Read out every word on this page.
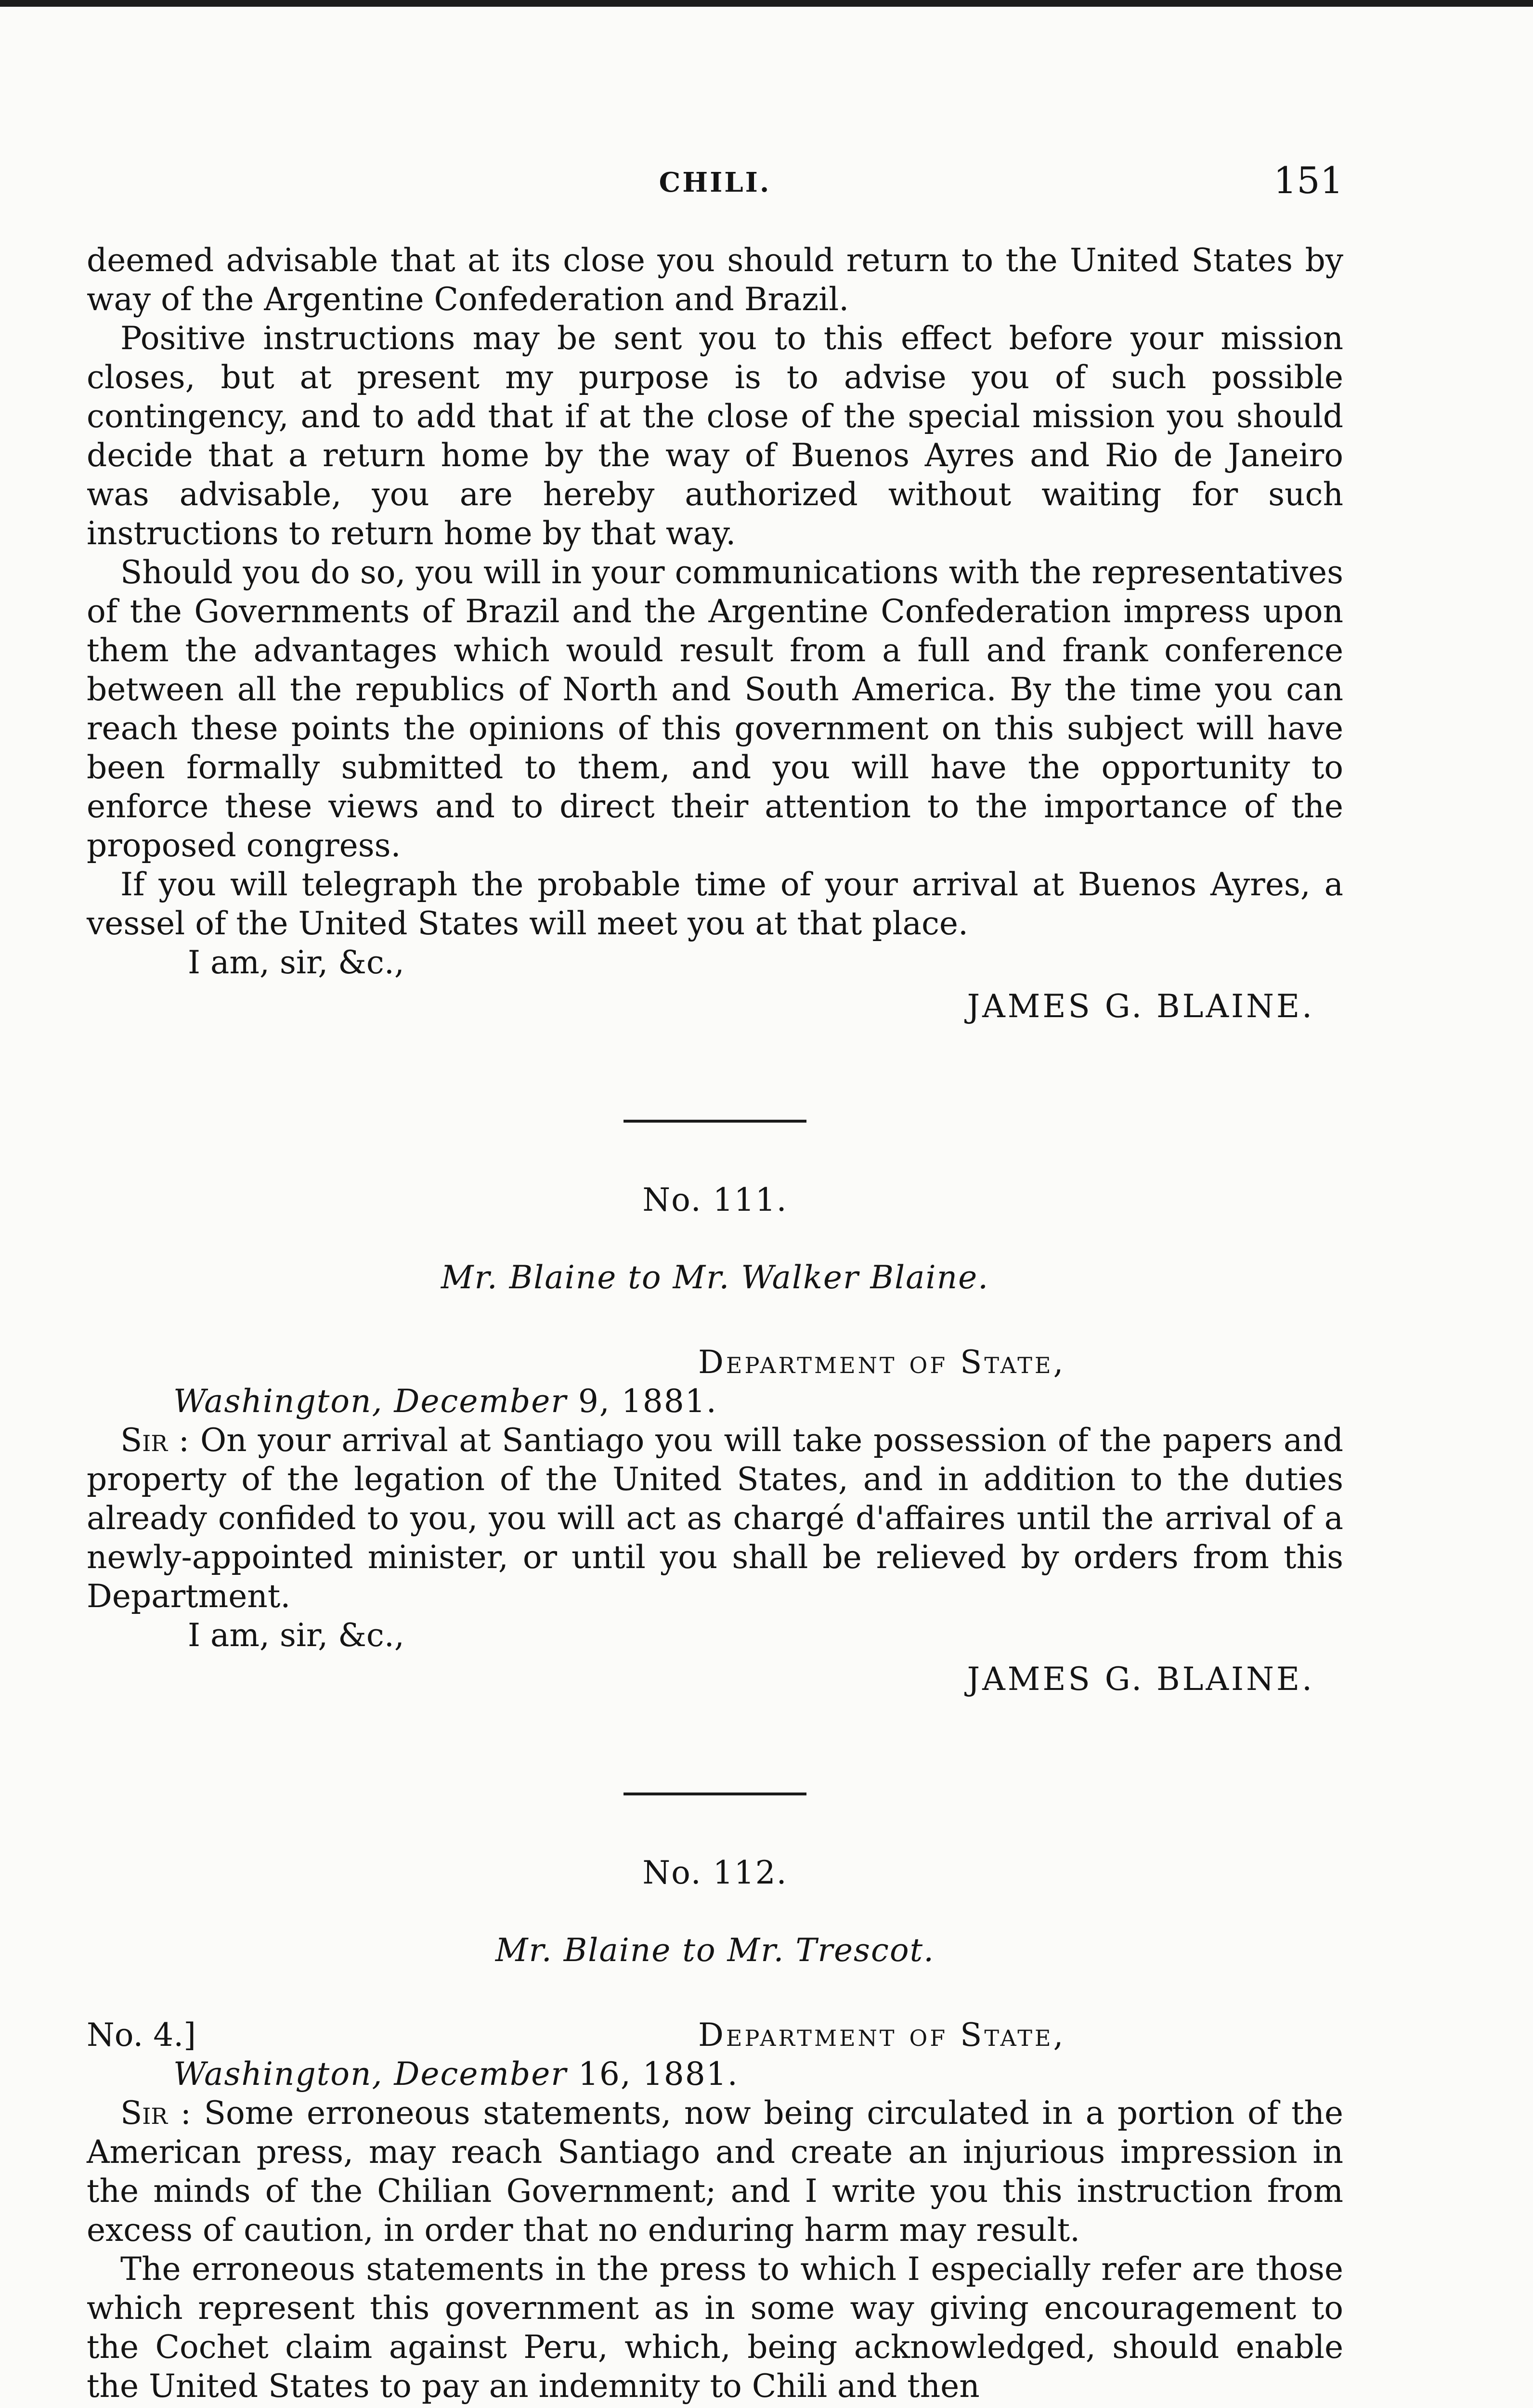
CHILI.	151

deemed advisable that at its close you should return to the United States by way of the Argentine Confederation and Brazil.

Positive instructions may be sent you to this effect before your mission closes, but at present my purpose is to advise you of such possible contingency, and to add that if at the close of the special mission you should decide that a return home by the way of Buenos Ayres and Rio de Janeiro was advisable, you are hereby authorized without waiting for such instructions to return home by that way.

Should you do so, you will in your communications with the representatives of the Governments of Brazil and the Argentine Confederation impress upon them the advantages which would result from a full and frank conference between all the republics of North and South America. By the time you can reach these points the opinions of this government on this subject will have been formally submitted to them, and you will have the opportunity to enforce these views and to direct their attention to the importance of the proposed congress.

If you will telegraph the probable time of your arrival at Buenos Ayres, a vessel of the United States will meet you at that place.

I am, sir, &c.,

JAMES G. BLAINE.

No. 111.

Mr. Blaine to Mr. Walker Blaine.

Department of State,

Washington, December 9, 1881.

Sir : On your arrival at Santiago you will take possession of the papers and property of the legation of the United States, and in addition to the duties already confided to you, you will act as chargé d'affaires until the arrival of a newly-appointed minister, or until you shall be relieved by orders from this Department.

I am, sir, &c.,

JAMES G. BLAINE.

No. 112.

Mr. Blaine to Mr. Trescot.

No. 4.]	Department of State,

Washington, December 16, 1881.

Sir : Some erroneous statements, now being circulated in a portion of the American press, may reach Santiago and create an injurious impression in the minds of the Chilian Government; and I write you this instruction from excess of caution, in order that no enduring harm may result.

The erroneous statements in the press to which I especially refer are those which represent this government as in some way giving encouragement to the Cochet claim against Peru, which, being acknowledged, should enable the United States to pay an indemnity to Chili and then
